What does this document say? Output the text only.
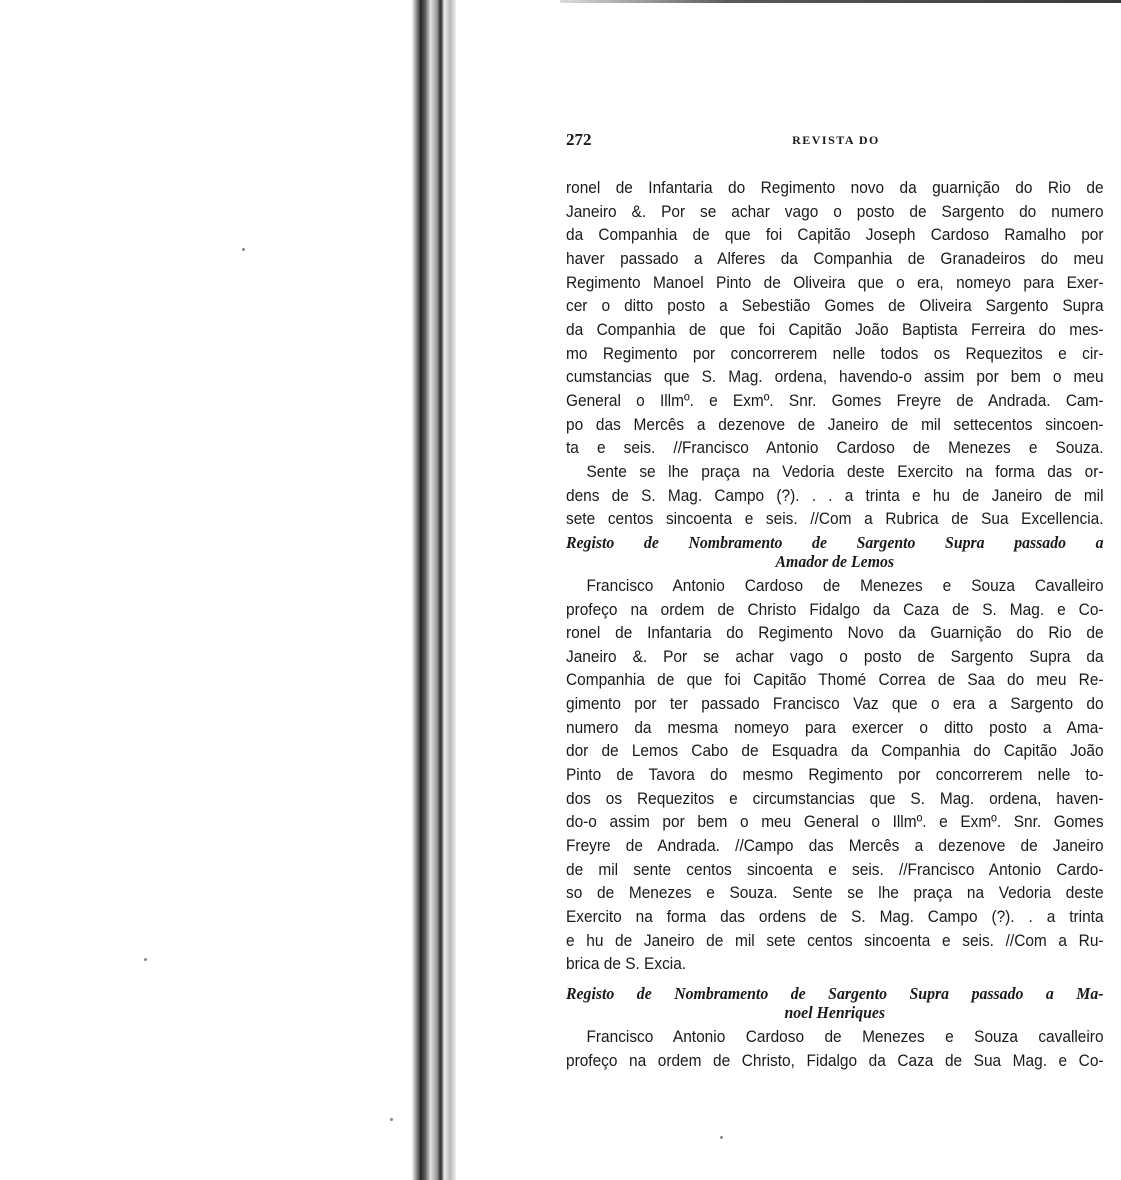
272	REVISTA DO

ronel de Infantaria do Regimento novo da guarnição do Rio de
Janeiro &. Por se achar vago o posto de Sargento do numero
da Companhia de que foi Capitão Joseph Cardoso Ramalho por
haver passado a Alferes da Companhia de Granadeiros do meu
Regimento Manoel Pinto de Oliveira que o era, nomeyo para Exer-
cer o ditto posto a Sebestião Gomes de Oliveira Sargento Supra
da Companhia de que foi Capitão João Baptista Ferreira do mes-
mo Regimento por concorrerem nelle todos os Requezitos e cir-
cumstancias que S. Mag. ordena, havendo-o assim por bem o meu
General o Illmº. e Exmº. Snr. Gomes Freyre de Andrada. Cam-
po das Mercês a dezenove de Janeiro de mil settecentos sincoen-
ta e seis. //Francisco Antonio Cardoso de Menezes e Souza.

Sente se lhe praça na Vedoria deste Exercito na forma das or-
dens de S. Mag. Campo (?). . . a trinta e hu de Janeiro de mil
sete centos sincoenta e seis. //Com a Rubrica de Sua Excellencia.

Registo de Nombramento de Sargento Supra passado a
Amador de Lemos

Francisco Antonio Cardoso de Menezes e Souza Cavalleiro
profeço na ordem de Christo Fidalgo da Caza de S. Mag. e Co-
ronel de Infantaria do Regimento Novo da Guarnição do Rio de
Janeiro &. Por se achar vago o posto de Sargento Supra da
Companhia de que foi Capitão Thomé Correa de Saa do meu Re-
gimento por ter passado Francisco Vaz que o era a Sargento do
numero da mesma nomeyo para exercer o ditto posto a Ama-
dor de Lemos Cabo de Esquadra da Companhia do Capitão João
Pinto de Tavora do mesmo Regimento por concorrerem nelle to-
dos os Requezitos e circumstancias que S. Mag. ordena, haven-
do-o assim por bem o meu General o Illmº. e Exmº. Snr. Gomes
Freyre de Andrada. //Campo das Mercês a dezenove de Janeiro
de mil sente centos sincoenta e seis. //Francisco Antonio Cardo-
so de Menezes e Souza. Sente se lhe praça na Vedoria deste
Exercito na forma das ordens de S. Mag. Campo (?). . a trinta
e hu de Janeiro de mil sete centos sincoenta e seis. //Com a Ru-
brica de S. Excia.

Registo de Nombramento de Sargento Supra passado a Ma-
noel Henriques

Francisco Antonio Cardoso de Menezes e Souza cavalleiro
profeço na ordem de Christo, Fidalgo da Caza de Sua Mag. e Co-
